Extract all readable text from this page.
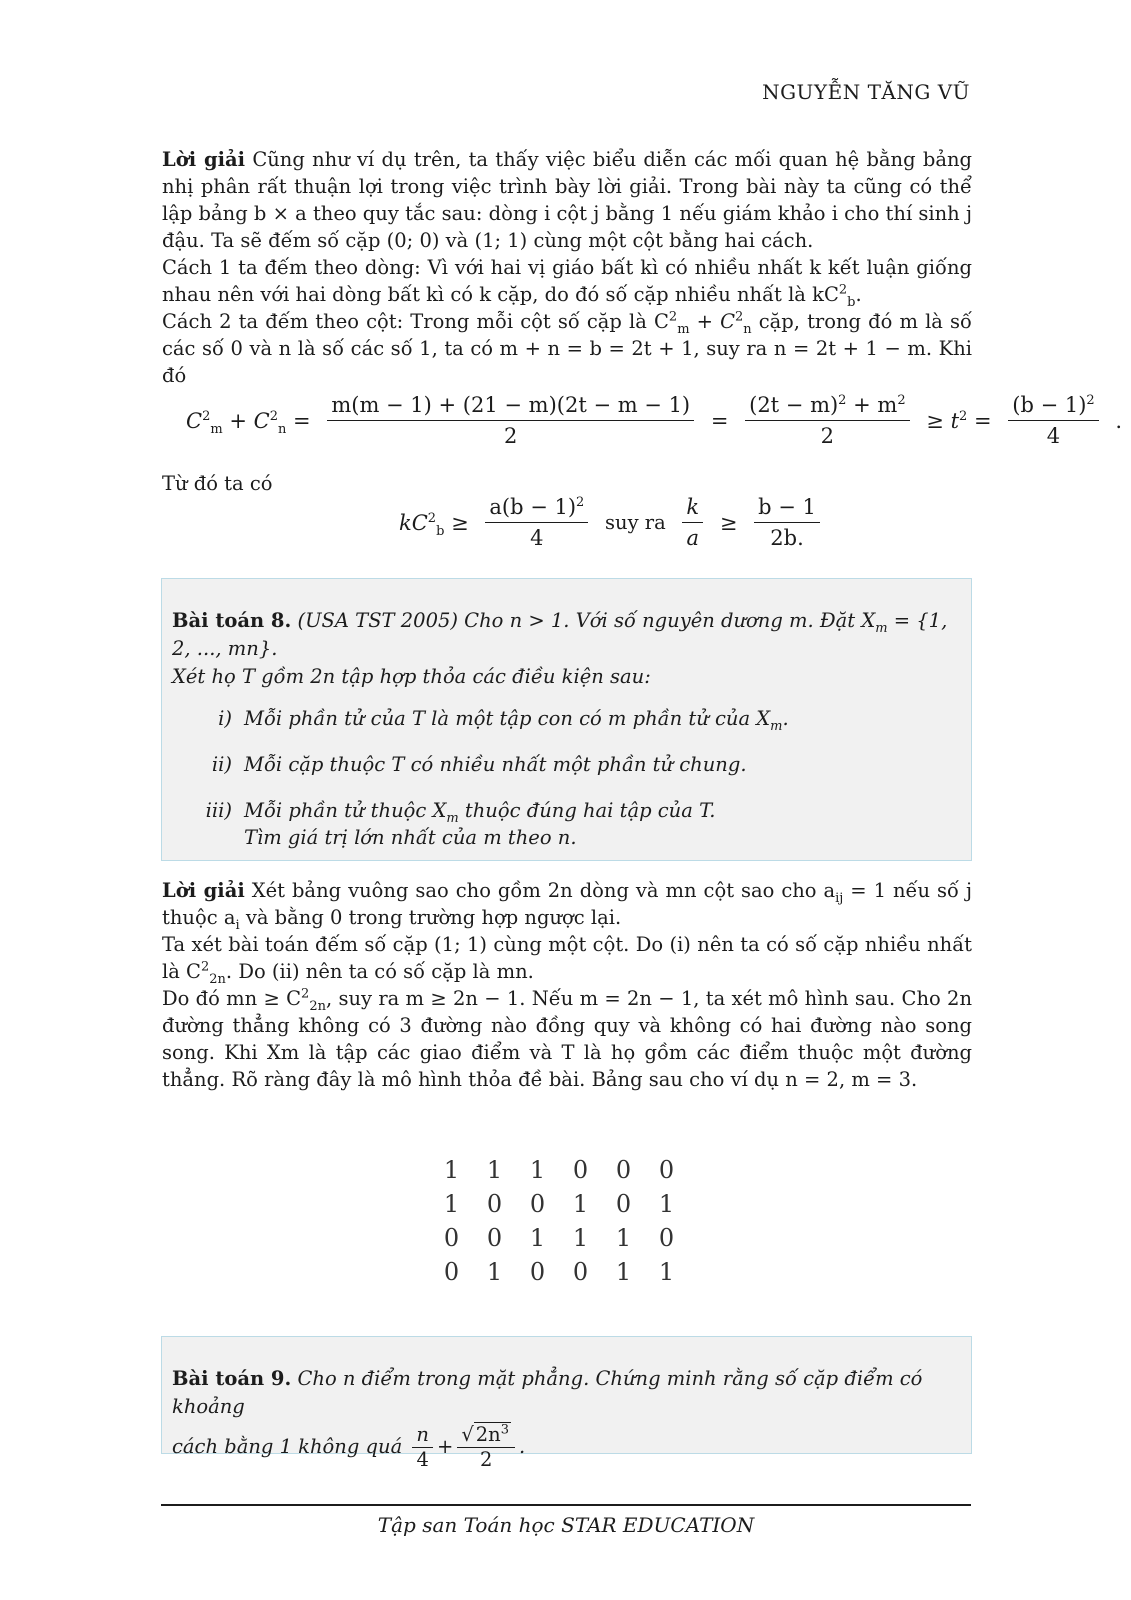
NGUYỄN TĂNG VŨ

Lời giải Cũng như ví dụ trên, ta thấy việc biểu diễn các mối quan hệ bằng bảng nhị phân rất thuận lợi trong việc trình bày lời giải. Trong bài này ta cũng có thể lập bảng b × a theo quy tắc sau: dòng i cột j bằng 1 nếu giám khảo i cho thí sinh j đậu. Ta sẽ đếm số cặp (0; 0) và (1; 1) cùng một cột bằng hai cách.

Cách 1 ta đếm theo dòng: Vì với hai vị giáo bất kì có nhiều nhất k kết luận giống nhau nên với hai dòng bất kì có k cặp, do đó số cặp nhiều nhất là $kC^2_b$.

Cách 2 ta đếm theo cột: Trong mỗi cột số cặp là $C^2_m + C^2_n$ cặp, trong đó m là số các số 0 và n là số các số 1, ta có m + n = b = 2t + 1, suy ra n = 2t + 1 − m. Khi đó

$C^2_m + C^2_n = \frac{m(m - 1) + (21 - m)(2t - m - 1)}{2} = \frac{(2t - m)^2 + m^2}{2} \ge t^2 = \frac{(b - 1)^2}{4}$ .

Từ đó ta có

$kC^2_b \ge \frac{a(b - 1)^2}{4}$ suy ra $\frac{k}{a} \ge \frac{b - 1}{2b.}$
Bài toán 8. (USA TST 2005) Cho n > 1. Với số nguyên dương m. Đặt $X_m = \{1$, 2, ..., mn}.
Xét họ T gồm 2n tập hợp thỏa các điều kiện sau:
i) Mỗi phần tử của T là một tập con có m phần tử của $X_m$.
ii) Mỗi cặp thuộc T có nhiều nhất một phần tử chung.
iii) Mỗi phần tử thuộc $X_m$ thuộc đúng hai tập của T.
Tìm giá trị lớn nhất của m theo n.

Lời giải Xét bảng vuông sao cho gồm 2n dòng và mn cột sao cho $a_{ij} = 1$ nếu số j thuộc $a_i$ và bằng 0 trong trường hợp ngược lại.

Ta xét bài toán đếm số cặp (1; 1) cùng một cột. Do (i) nên ta có số cặp nhiều nhất là $C^2_{2n}$. Do (ii) nên ta có số cặp là mn.

Do đó mn ≥ $C^2_{2n}$, suy ra m ≥ 2n − 1. Nếu m = 2n − 1, ta xét mô hình sau. Cho 2n đường thẳng không có 3 đường nào đồng quy và không có hai đường nào song song. Khi Xm là tập các giao điểm và T là họ gồm các điểm thuộc một đường thẳng. Rõ ràng đây là mô hình thỏa đề bài. Bảng sau cho ví dụ n = 2, m = 3.

1	1	1	0	0	0
1	0	0	1	0	1
0	0	1	1	1	0
0	1	0	0	1	1
Bài toán 9. Cho n điểm trong mặt phẳng. Chứng minh rằng số cặp điểm có khoảng
cách bằng 1 không quá $\frac{n}{4} + \frac{√ 2n^3}{2}$ .
Tập san Toán học STAR EDUCATION
